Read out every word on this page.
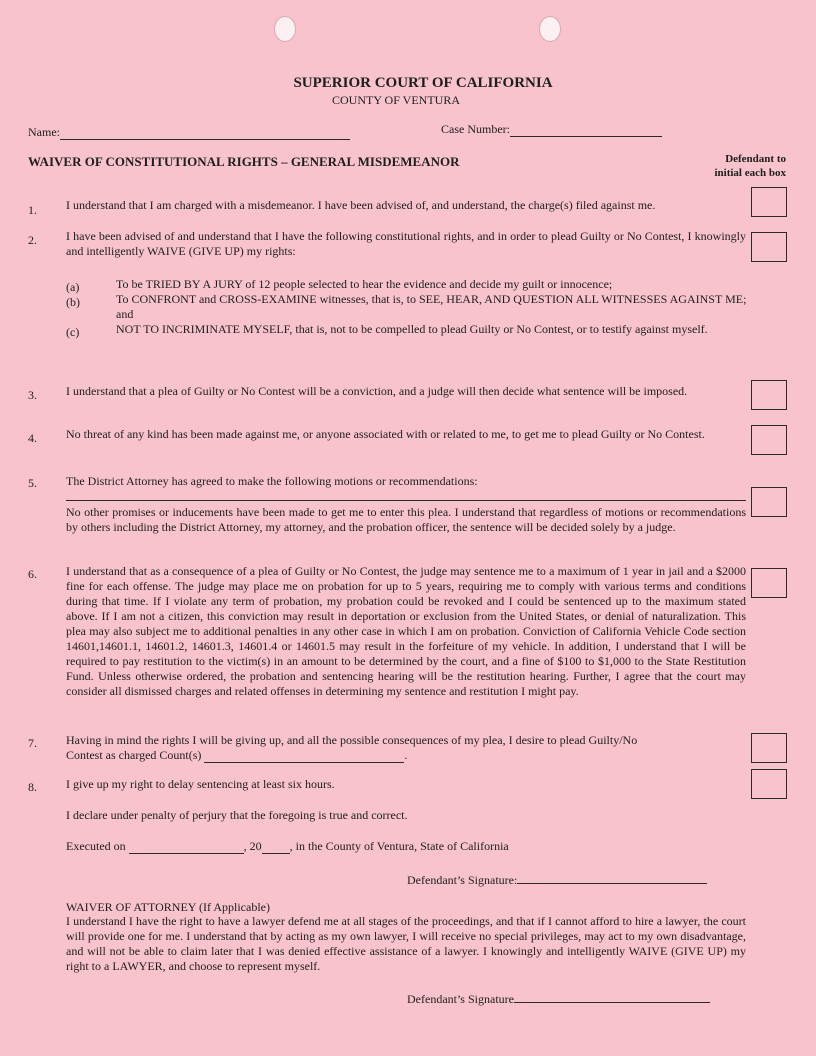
SUPERIOR COURT OF CALIFORNIA
COUNTY OF VENTURA
Name:	Case Number:
WAIVER OF CONSTITUTIONAL RIGHTS – GENERAL MISDEMEANOR	Defendant to
initial each box
1. I understand that I am charged with a misdemeanor. I have been advised of, and understand, the charge(s) filed against me.
2. I have been advised of and understand that I have the following constitutional rights, and in order to plead Guilty or No Contest, I knowingly and intelligently WAIVE (GIVE UP) my rights:
(a)	To be TRIED BY A JURY of 12 people selected to hear the evidence and decide my guilt or innocence;
(b)	To CONFRONT and CROSS-EXAMINE witnesses, that is, to SEE, HEAR, AND QUESTION ALL WITNESSES AGAINST ME; and
(c)	NOT TO INCRIMINATE MYSELF, that is, not to be compelled to plead Guilty or No Contest, or to testify against myself.
3. I understand that a plea of Guilty or No Contest will be a conviction, and a judge will then decide what sentence will be imposed.
4. No threat of any kind has been made against me, or anyone associated with or related to me, to get me to plead Guilty or No Contest.
5. The District Attorney has agreed to make the following motions or recommendations:
No other promises or inducements have been made to get me to enter this plea. I understand that regardless of motions or recommendations by others including the District Attorney, my attorney, and the probation officer, the sentence will be decided solely by a judge.
6. I understand that as a consequence of a plea of Guilty or No Contest, the judge may sentence me to a maximum of 1 year in jail and a $2000 fine for each offense. The judge may place me on probation for up to 5 years, requiring me to comply with various terms and conditions during that time. If I violate any term of probation, my probation could be revoked and I could be sentenced up to the maximum stated above. If I am not a citizen, this conviction may result in deportation or exclusion from the United States, or denial of naturalization. This plea may also subject me to additional penalties in any other case in which I am on probation. Conviction of California Vehicle Code section 14601,14601.1, 14601.2, 14601.3, 14601.4 or 14601.5 may result in the forfeiture of my vehicle. In addition, I understand that I will be required to pay restitution to the victim(s) in an amount to be determined by the court, and a fine of $100 to $1,000 to the State Restitution Fund. Unless otherwise ordered, the probation and sentencing hearing will be the restitution hearing. Further, I agree that the court may consider all dismissed charges and related offenses in determining my sentence and restitution I might pay.
7. Having in mind the rights I will be giving up, and all the possible consequences of my plea, I desire to plead Guilty/No
Contest as charged Count(s)	.
8. I give up my right to delay sentencing at least six hours.
I declare under penalty of perjury that the foregoing is true and correct.
Executed on	, 20 , in the County of Ventura, State of California
Defendant’s Signature:
WAIVER OF ATTORNEY (If Applicable)
I understand I have the right to have a lawyer defend me at all stages of the proceedings, and that if I cannot afford to hire a lawyer, the court will provide one for me. I understand that by acting as my own lawyer, I will receive no special privileges, may act to my own disadvantage, and will not be able to claim later that I was denied effective assistance of a lawyer. I knowingly and intelligently WAIVE (GIVE UP) my right to a LAWYER, and choose to represent myself.
Defendant’s Signature
